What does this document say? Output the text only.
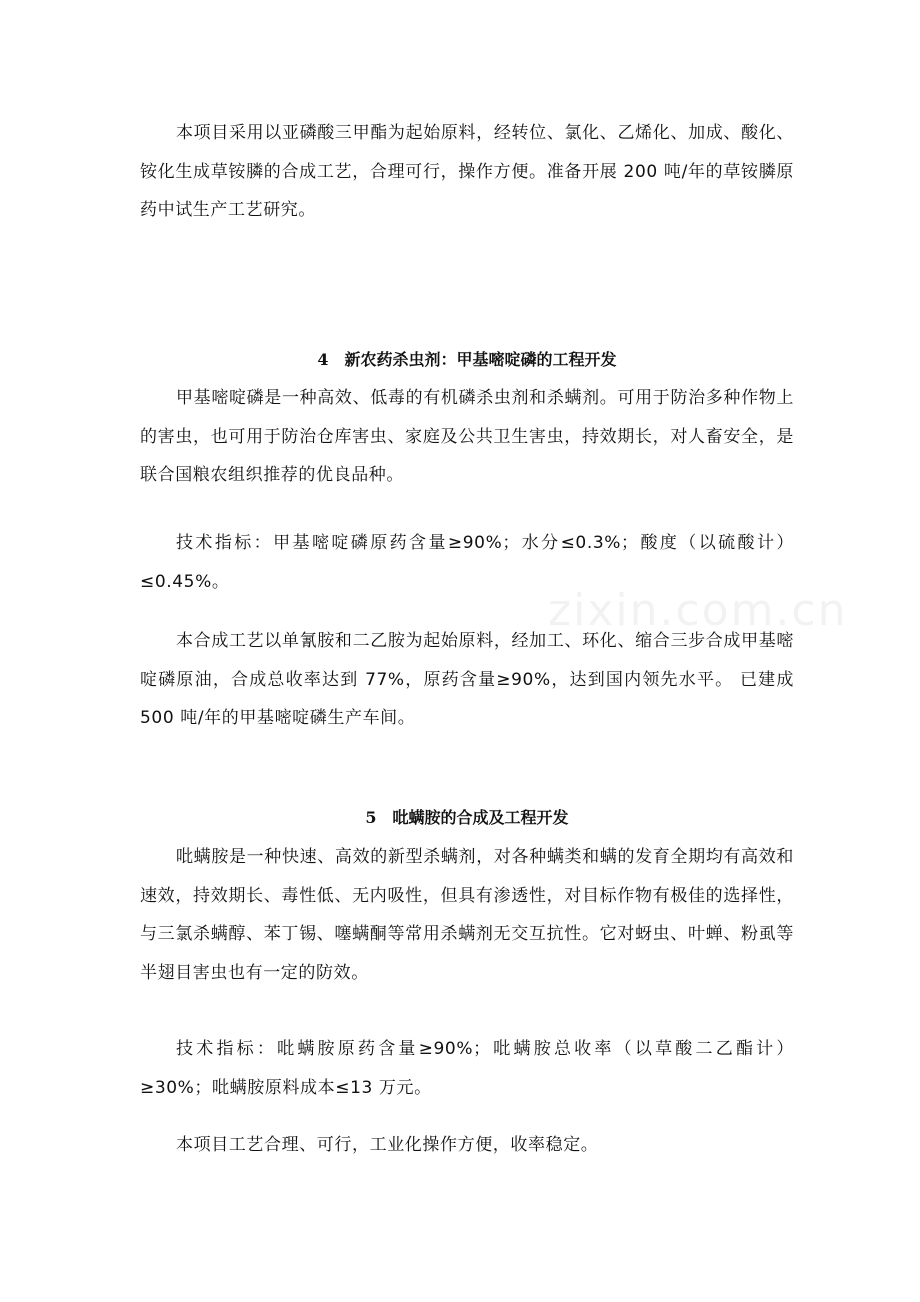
本项目采用以亚磷酸三甲酯为起始原料，经转位、氯化、乙烯化、加成、酸化、铵化生成草铵膦的合成工艺，合理可行，操作方便。准备开展 200 吨/年的草铵膦原药中试生产工艺研究。

4　新农药杀虫剂：甲基嘧啶磷的工程开发

甲基嘧啶磷是一种高效、低毒的有机磷杀虫剂和杀螨剂。可用于防治多种作物上的害虫，也可用于防治仓库害虫、家庭及公共卫生害虫，持效期长，对人畜安全，是联合国粮农组织推荐的优良品种。

技术指标：甲基嘧啶磷原药含量≥90%；水分≤0.3%；酸度（以硫酸计）≤0.45%。

本合成工艺以单氰胺和二乙胺为起始原料，经加工、环化、缩合三步合成甲基嘧啶磷原油，合成总收率达到 77%，原药含量≥90%，达到国内领先水平。 已建成 500 吨/年的甲基嘧啶磷生产车间。

5　吡螨胺的合成及工程开发

吡螨胺是一种快速、高效的新型杀螨剂，对各种螨类和螨的发育全期均有高效和速效，持效期长、毒性低、无内吸性，但具有渗透性，对目标作物有极佳的选择性，与三氯杀螨醇、苯丁锡、噻螨酮等常用杀螨剂无交互抗性。它对蚜虫、叶蝉、粉虱等半翅目害虫也有一定的防效。

技术指标：吡螨胺原药含量≥90%；吡螨胺总收率（以草酸二乙酯计）≥30%；吡螨胺原料成本≤13 万元。

本项目工艺合理、可行，工业化操作方便，收率稳定。

zixin.com.cn
